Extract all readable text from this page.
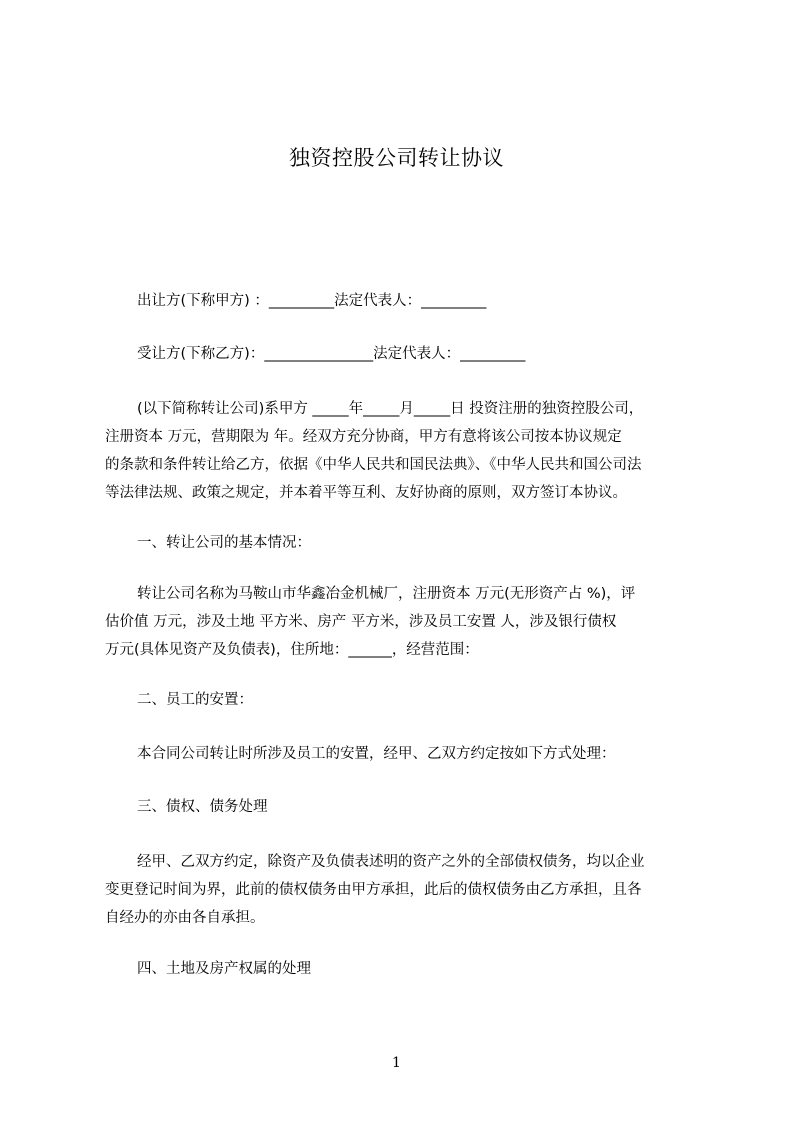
独资控股公司转让协议
出让方(下称甲方) ：_________法定代表人：_________
受让方(下称乙方)：_______________法定代表人：_________
(以下简称转让公司)系甲方 _____年_____月_____日 投资注册的独资控股公司，
注册资本 万元，营期限为 年。经双方充分协商，甲方有意将该公司按本协议规定
的条款和条件转让给乙方，依据《中华人民共和国民法典》、《中华人民共和国公司法
等法律法规、政策之规定，并本着平等互利、友好协商的原则，双方签订本协议。
一、转让公司的基本情况：
转让公司名称为马鞍山市华鑫冶金机械厂，注册资本 万元(无形资产占 %)，评
估价值 万元，涉及土地 平方米、房产 平方米，涉及员工安置 人，涉及银行债权
万元(具体见资产及负债表)，住所地：______，经营范围：
二、员工的安置：
本合同公司转让时所涉及员工的安置，经甲、乙双方约定按如下方式处理：
三、债权、债务处理
经甲、乙双方约定，除资产及负债表述明的资产之外的全部债权债务，均以企业
变更登记时间为界，此前的债权债务由甲方承担，此后的债权债务由乙方承担，且各
自经办的亦由各自承担。
四、土地及房产权属的处理
1
